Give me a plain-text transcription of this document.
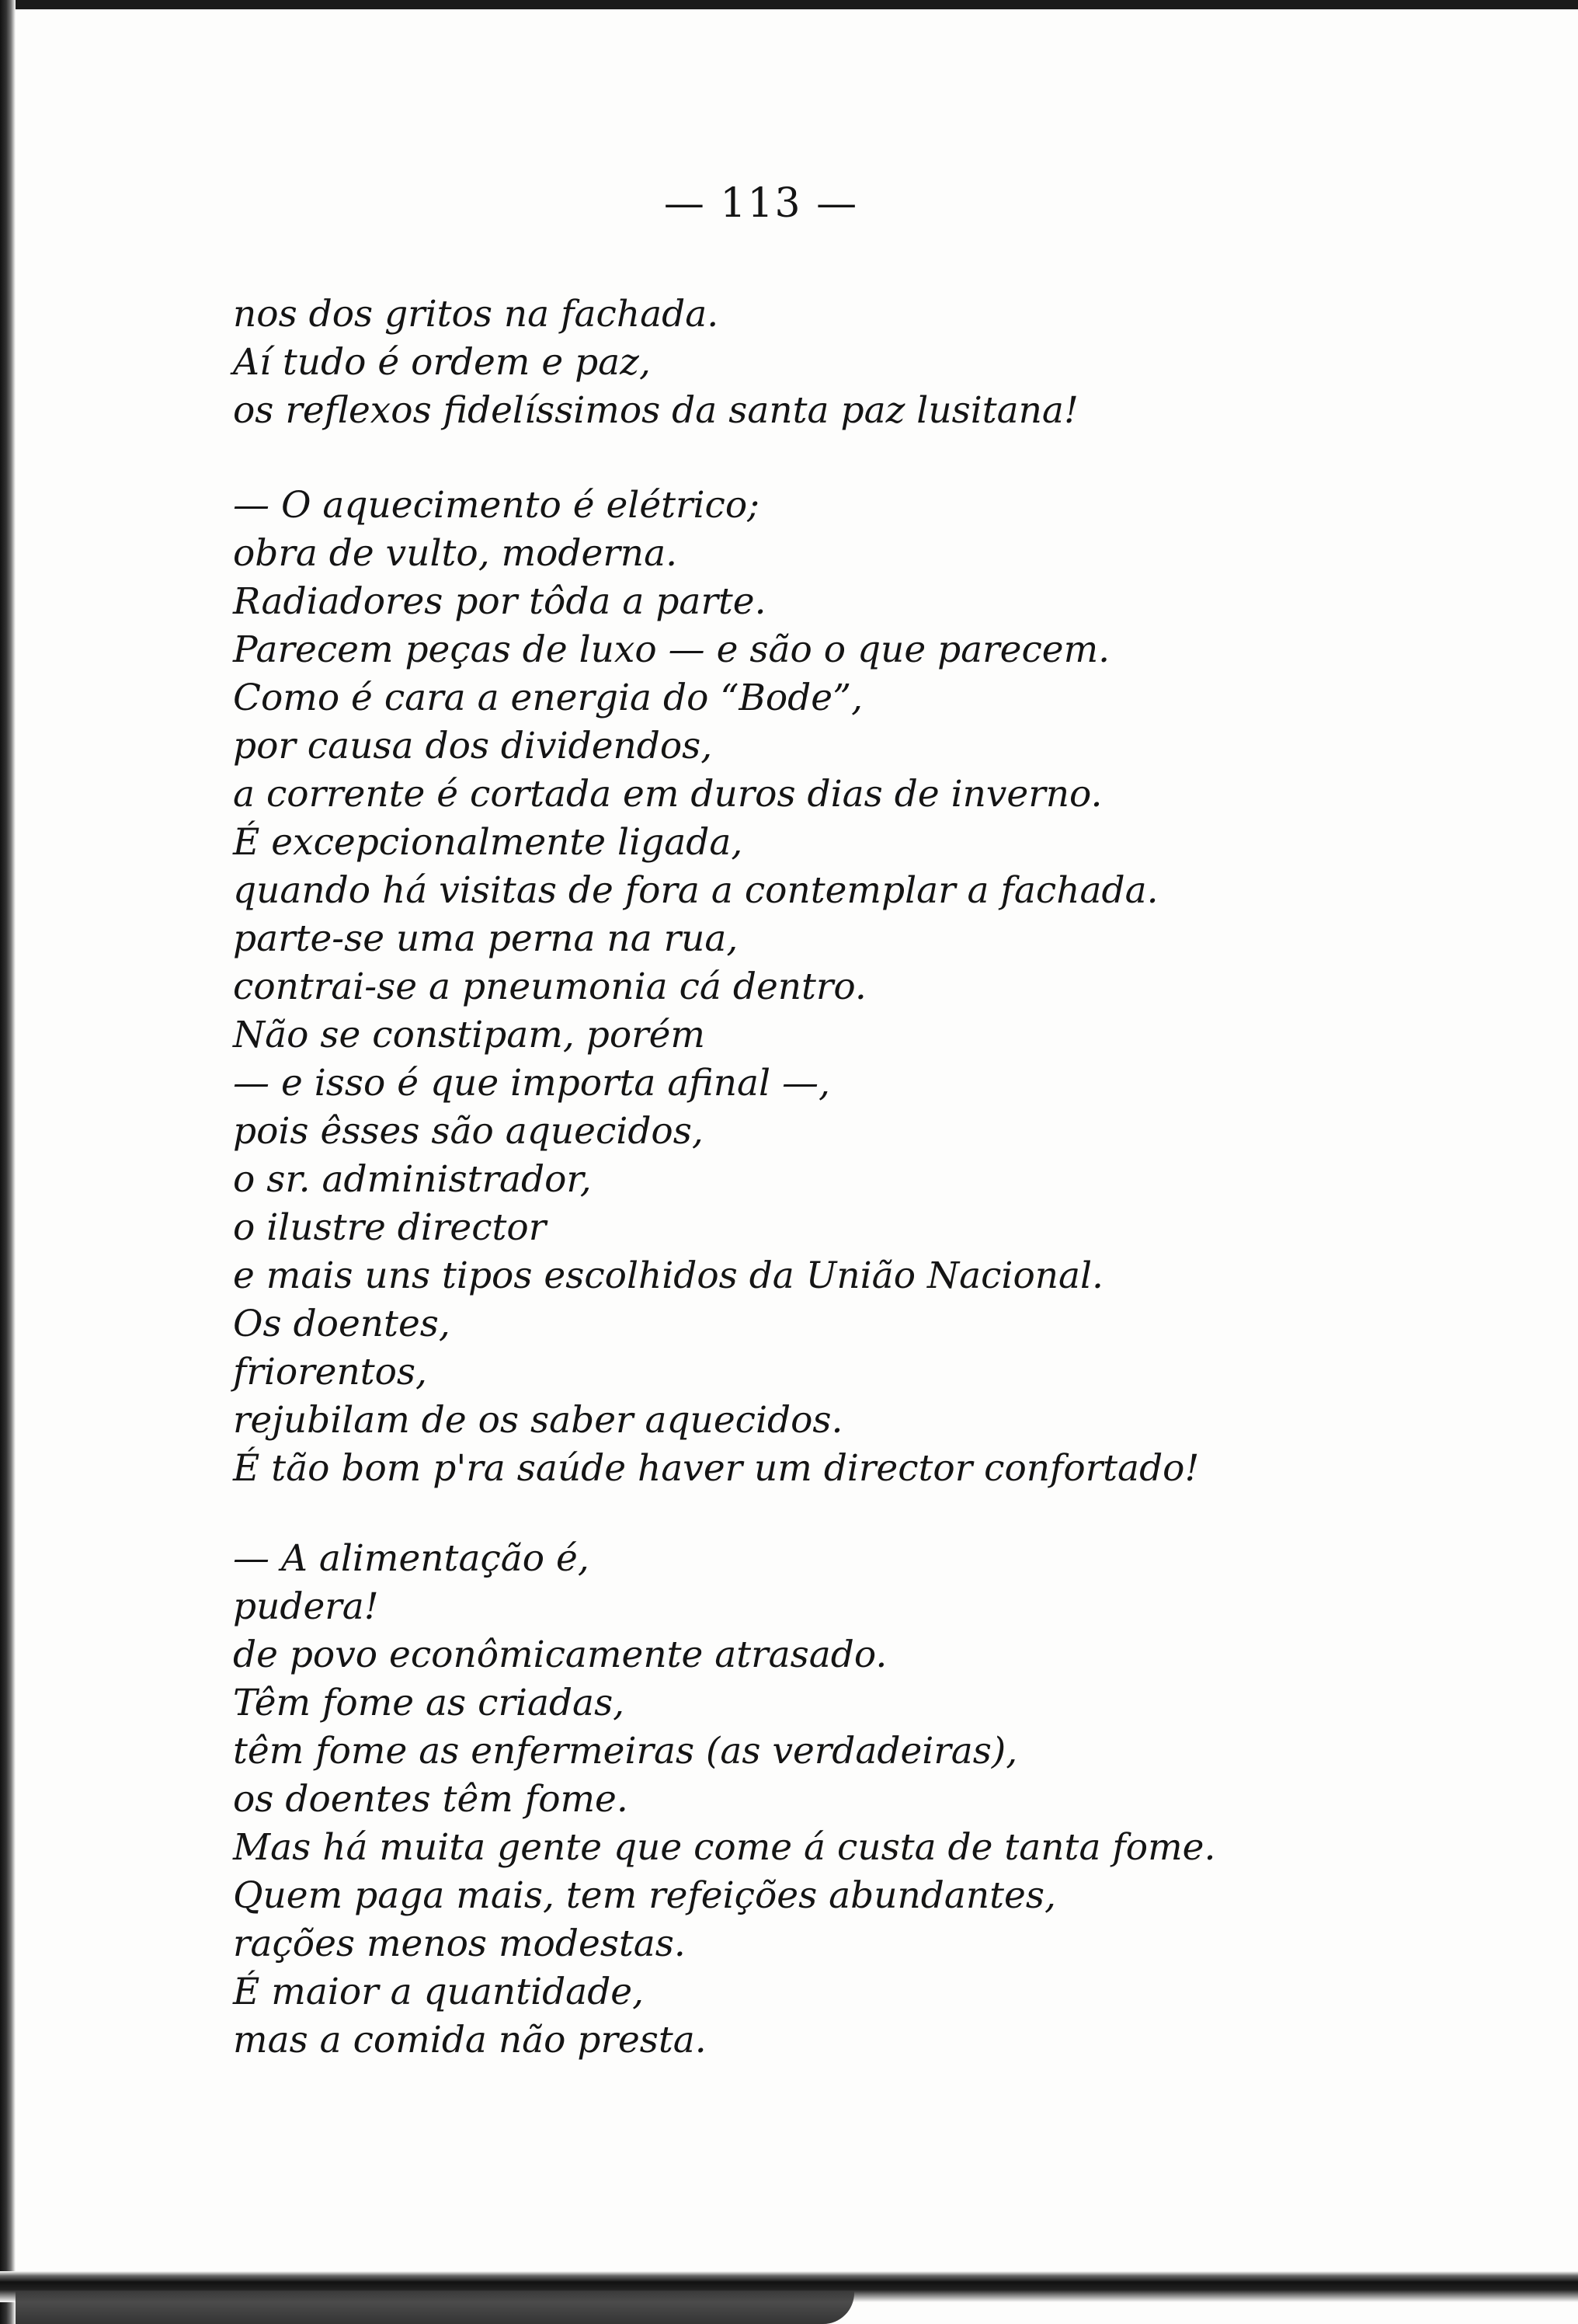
— 113 —
nos dos gritos na fachada.
Aí tudo é ordem e paz,
os reflexos fidelíssimos da santa paz lusitana!
— O aquecimento é elétrico;
obra de vulto, moderna.
Radiadores por tôda a parte.
Parecem peças de luxo — e são o que parecem.
Como é cara a energia do “Bode”,
por causa dos dividendos,
a corrente é cortada em duros dias de inverno.
É excepcionalmente ligada,
quando há visitas de fora a contemplar a fachada.
parte-se uma perna na rua,
contrai-se a pneumonia cá dentro.
Não se constipam, porém
— e isso é que importa afinal —,
pois êsses são aquecidos,
o sr. administrador,
o ilustre director
e mais uns tipos escolhidos da União Nacional.
Os doentes,
friorentos,
rejubilam de os saber aquecidos.
É tão bom p'ra saúde haver um director confortado!
— A alimentação é,
pudera!
de povo econômicamente atrasado.
Têm fome as criadas,
têm fome as enfermeiras (as verdadeiras),
os doentes têm fome.
Mas há muita gente que come á custa de tanta fome.
Quem paga mais, tem refeições abundantes,
rações menos modestas.
É maior a quantidade,
mas a comida não presta.
